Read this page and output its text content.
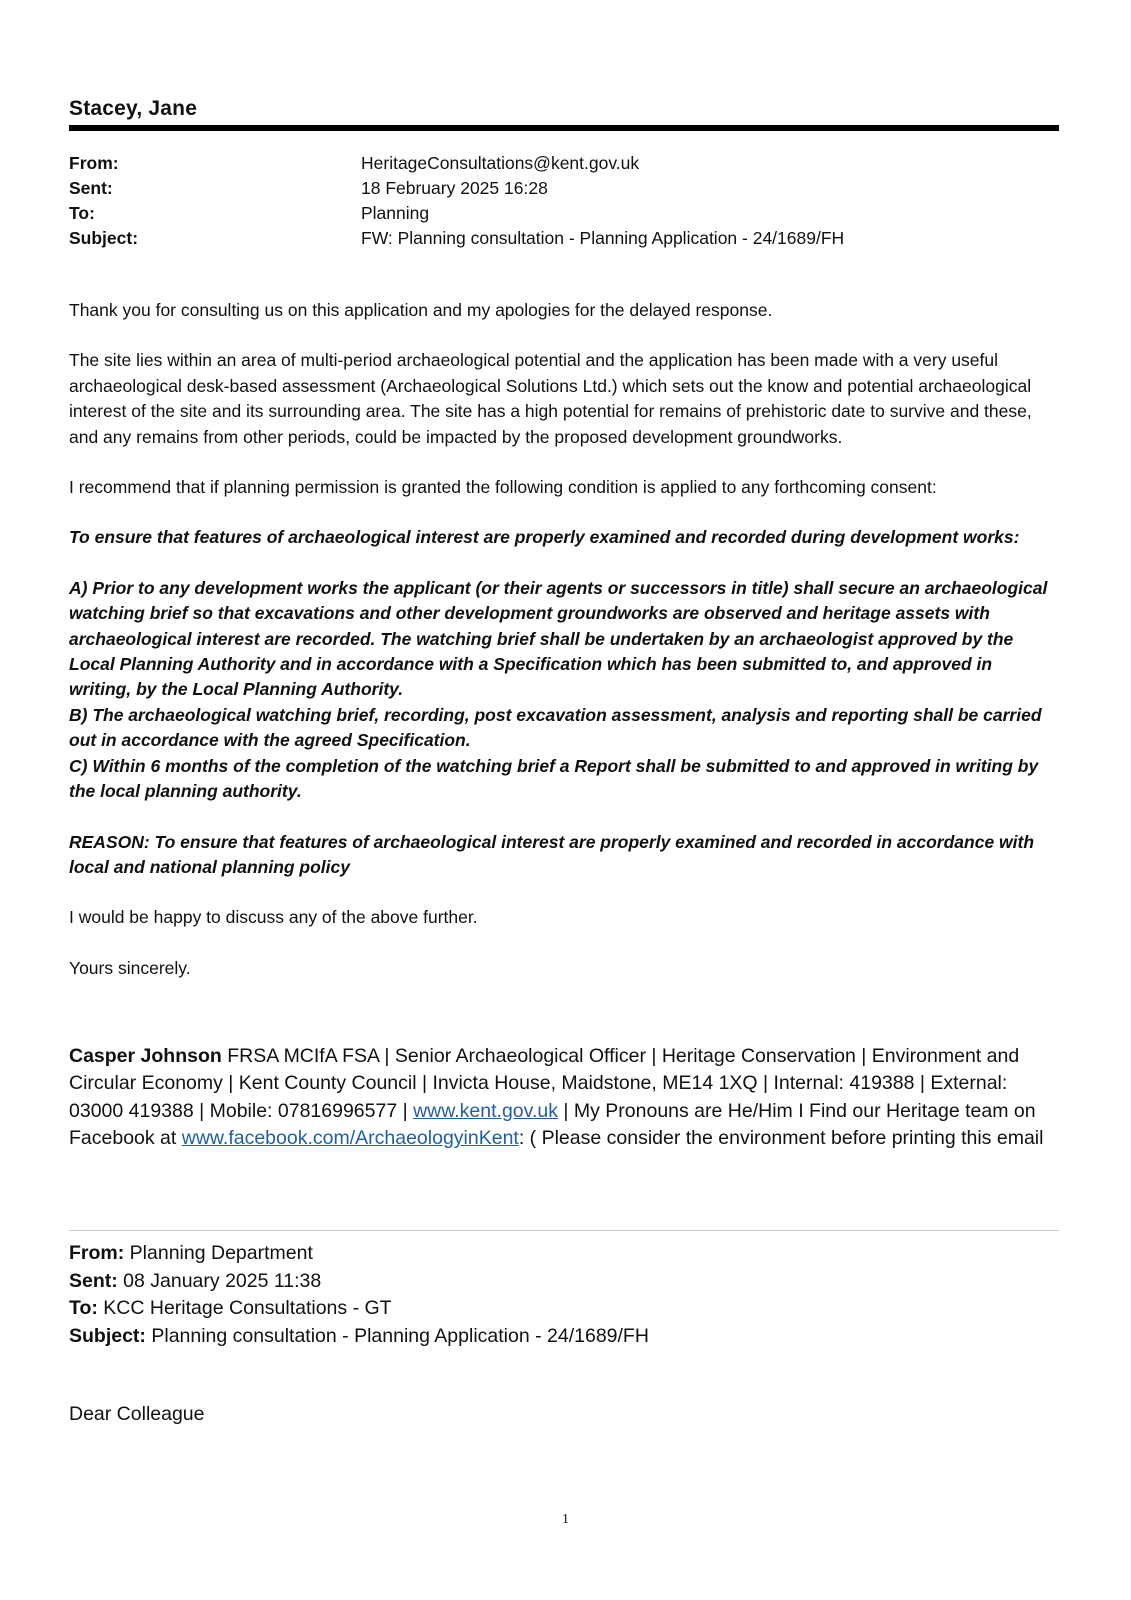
Stacey, Jane
From:	HeritageConsultations@kent.gov.uk
Sent:	18 February 2025 16:28
To:	Planning
Subject:	FW: Planning consultation - Planning Application - 24/1689/FH

Thank you for consulting us on this application and my apologies for the delayed response.

The site lies within an area of multi-period archaeological potential and the application has been made with a very useful archaeological desk-based assessment (Archaeological Solutions Ltd.) which sets out the know and potential archaeological interest of the site and its surrounding area. The site has a high potential for remains of prehistoric date to survive and these, and any remains from other periods, could be impacted by the proposed development groundworks.

I recommend that if planning permission is granted the following condition is applied to any forthcoming consent:

To ensure that features of archaeological interest are properly examined and recorded during development works:

A) Prior to any development works the applicant (or their agents or successors in title) shall secure an archaeological watching brief so that excavations and other development groundworks are observed and heritage assets with archaeological interest are recorded. The watching brief shall be undertaken by an archaeologist approved by the Local Planning Authority and in accordance with a Specification which has been submitted to, and approved in writing, by the Local Planning Authority.
B) The archaeological watching brief, recording, post excavation assessment, analysis and reporting shall be carried out in accordance with the agreed Specification.

C) Within 6 months of the completion of the watching brief a Report shall be submitted to and approved in writing by the local planning authority.

REASON: To ensure that features of archaeological interest are properly examined and recorded in accordance with local and national planning policy

I would be happy to discuss any of the above further.

Yours sincerely.

Casper Johnson FRSA MCIfA FSA | Senior Archaeological Officer | Heritage Conservation | Environment and Circular Economy | Kent County Council | Invicta House, Maidstone, ME14 1XQ | Internal: 419388 | External: 03000 419388 | Mobile: 07816996577 | www.kent.gov.uk | My Pronouns are He/Him I Find our Heritage team on Facebook at www.facebook.com/ArchaeologyinKent: ( Please consider the environment before printing this email
From: Planning Department
Sent: 08 January 2025 11:38
To: KCC Heritage Consultations - GT
Subject: Planning consultation - Planning Application - 24/1689/FH
Dear Colleague
1
